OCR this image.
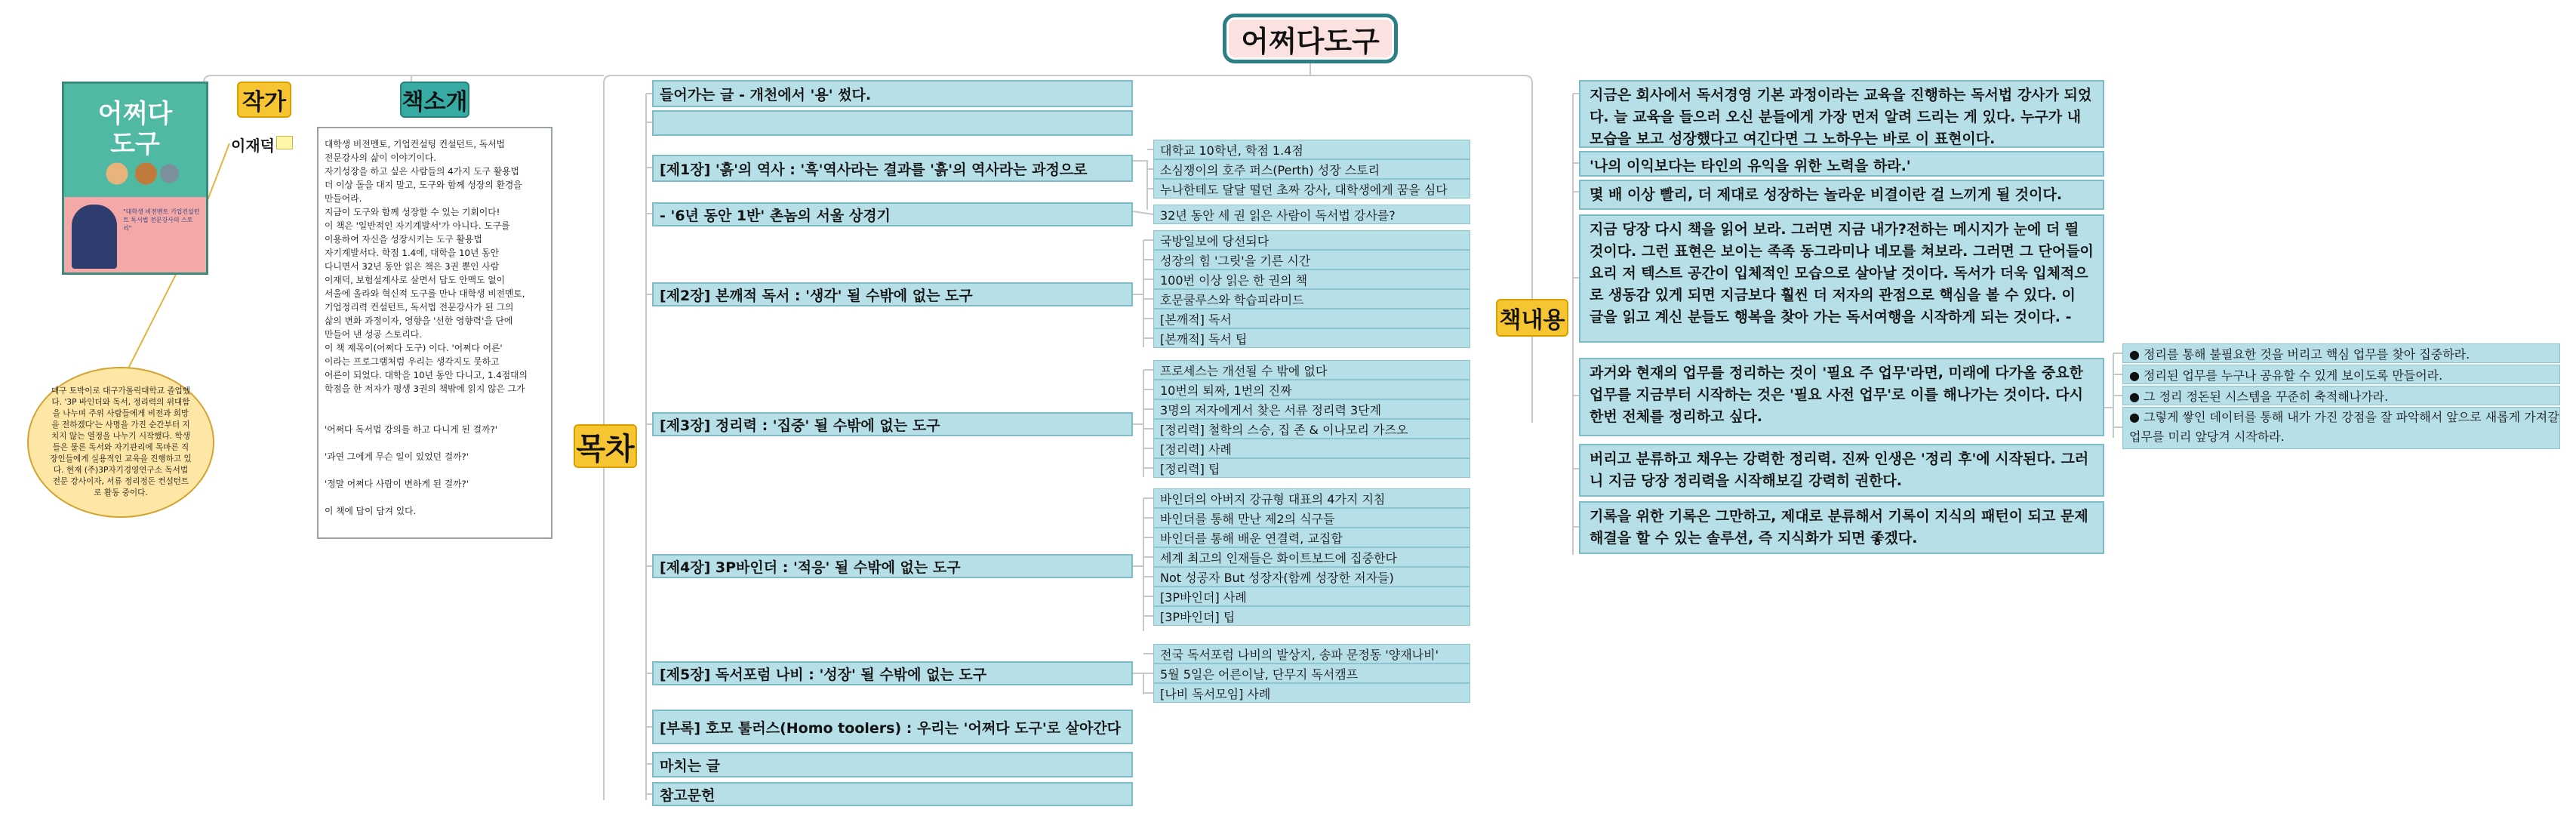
어쩌다도구
어쩌다
도구
"대학생 비전멘토 기업컨설턴트 독서법 전문강사의 스토리"
작가
이재덕
대구 토박이로 대구가톨릭대학교 졸업했다. '3P 바인더와 독서, 정리력의 위대함을 나누며 주위 사람들에게 비전과 희망을 전하겠다'는 사명을 가진 순간부터 지치지 않는 열정을 나누기 시작했다. 학생들은 물론 독서와 자기관리에 목마른 직장인들에게 실용적인 교육을 진행하고 있다. 현재 (주)3P자기경영연구소 독서법 전문 강사이자, 서류 정리정돈 컨설턴트로 활동 중이다.
책소개
대학생 비전멘토, 기업컨설팅 컨설턴트, 독서법
전문강사의 삶이 이야기이다.
자기성장을 하고 싶은 사람들의 4가지 도구 활용법
더 이상 돌을 대지 말고, 도구와 함께 성장의 환경을
만들어라.
지금이 도구와 함께 성장할 수 있는 기회이다!
이 책은 '일반적인 자기계발서'가 아니다. 도구를
이용하여 자신을 성장시키는 도구 활용법
자기계발서다. 학점 1.4에, 대학을 10년 동안
다니면서 32년 동안 읽은 책은 3권 뿐인 사람
이재덕, 보험설계사로 살면서 답도 안맥도 없이
서울에 올라와 혁신적 도구를 만나 대학생 비전멘토,
기업정리력 컨설턴트, 독서법 전문강사가 된 그의
삶의 변화 과정이자, 영향을 '선한 영향력'을 단에
만들어 낸 성공 스토리다.
이 책 제목이(어쩌다 도구) 이다. '어쩌다 어른'
이라는 프로그램처럼 우리는 생각지도 못하고
어른이 되었다. 대학을 10년 동안 다니고, 1.4점대의
학점을 한 저자가 평생 3권의 책밖에 읽지 않은 그가

'어쩌다 독서법 강의를 하고 다니게 된 걸까?'

'과연 그에게 무슨 일이 있었던 걸까?'

'정말 어쩌다 사람이 변하게 된 걸까?'

이 책에 답이 담겨 있다.
목차
들어가는 글 - 개천에서 '용' 썼다.
[제1장] '흙'의 역사 : '흑'역사라는 결과를 '흙'의 역사라는 과정으로
- '6년 동안 1반' 촌놈의 서울 상경기
[제2장] 본깨적 독서 : '생각' 될 수밖에 없는 도구
[제3장] 정리력 : '집중' 될 수밖에 없는 도구
[제4장] 3P바인더 : '적응' 될 수밖에 없는 도구
[제5장] 독서포럼 나비 : '성장' 될 수밖에 없는 도구
[부록] 호모 툴러스(Homo toolers) : 우리는 '어쩌다 도구'로 살아간다
마치는 글
참고문헌
대학교 10학년, 학점 1.4점
소심쟁이의 호주 퍼스(Perth) 성장 스토리
누나한테도 달달 떨던 초짜 강사, 대학생에게 꿈을 심다
32년 동안 세 권 읽은 사람이 독서법 강사를?
국방일보에 당선되다
성장의 힘 '그릿'을 기른 시간
100번 이상 읽은 한 권의 책
호문쿨루스와 학습피라미드
[본깨적] 독서
[본깨적] 독서 팁
프로세스는 개선될 수 밖에 없다
10번의 퇴짜, 1번의 진짜
3명의 저자에게서 찾은 서류 정리력 3단계
[정리력] 철학의 스승, 집 존 & 이나모리 가즈오
[정리력] 사례
[정리력] 팁
바인더의 아버지 강규형 대표의 4가지 지침
바인더를 통해 만난 제2의 식구들
바인더를 통해 배운 연결력, 교집합
세계 최고의 인재들은 화이트보드에 집중한다
Not 성공자 But 성장자(함께 성장한 저자들)
[3P바인더] 사례
[3P바인더] 팁
전국 독서포럼 나비의 발상지, 송파 문정동 '양재나비'
5월 5일은 어른이날, 단무지 독서캠프
[나비 독서모임] 사례
책내용
지금은 회사에서 독서경영 기본 과정이라는 교육을 진행하는 독서법 강사가 되었다. 늘 교육을 들으러 오신 분들에게 가장 먼저 알려 드리는 게 있다. 누구가 내 모습을 보고 성장했다고 여긴다면 그 노하우는 바로 이 표현이다.
'나의 이익보다는 타인의 유익을 위한 노력을 하라.'
몇 배 이상 빨리, 더 제대로 성장하는 놀라운 비결이란 걸 느끼게 될 것이다.
지금 당장 다시 책을 읽어 보라. 그러면 지금 내가?전하는 메시지가 눈에 더 띌 것이다. 그런 표현은 보이는 족족 동그라미나 네모를 쳐보라. 그러면 그 단어들이 요리 저 텍스트 공간이 입체적인 모습으로 살아날 것이다. 독서가 더욱 입체적으로 생동감 있게 되면 지금보다 훨씬 더 저자의 관점으로 핵심을 볼 수 있다. 이 글을 읽고 계신 분들도 행복을 찾아 가는 독서여행을 시작하게 되는 것이다. -
과거와 현재의 업무를 정리하는 것이 '필요 주 업무'라면, 미래에 다가올 중요한 업무를 지금부터 시작하는 것은 '필요 사전 업무'로 이를 해나가는 것이다. 다시 한번 전체를 정리하고 싶다.
버리고 분류하고 채우는 강력한 정리력. 진짜 인생은 '정리 후'에 시작된다. 그러니 지금 당장 정리력을 시작해보길 강력히 권한다.
기록을 위한 기록은 그만하고, 제대로 분류해서 기록이 지식의 패턴이 되고 문제해결을 할 수 있는 솔루션, 즉 지식화가 되면 좋겠다.
● 정리를 통해 불필요한 것을 버리고 핵심 업무를 찾아 집중하라.
● 정리된 업무를 누구나 공유할 수 있게 보이도록 만들어라.
● 그 정리 정돈된 시스템을 꾸준히 축적해나가라.
● 그렇게 쌓인 데이터를 통해 내가 가진 강점을 잘 파악해서 앞으로 새롭게 가져갈 업무를 미리 앞당겨 시작하라.
